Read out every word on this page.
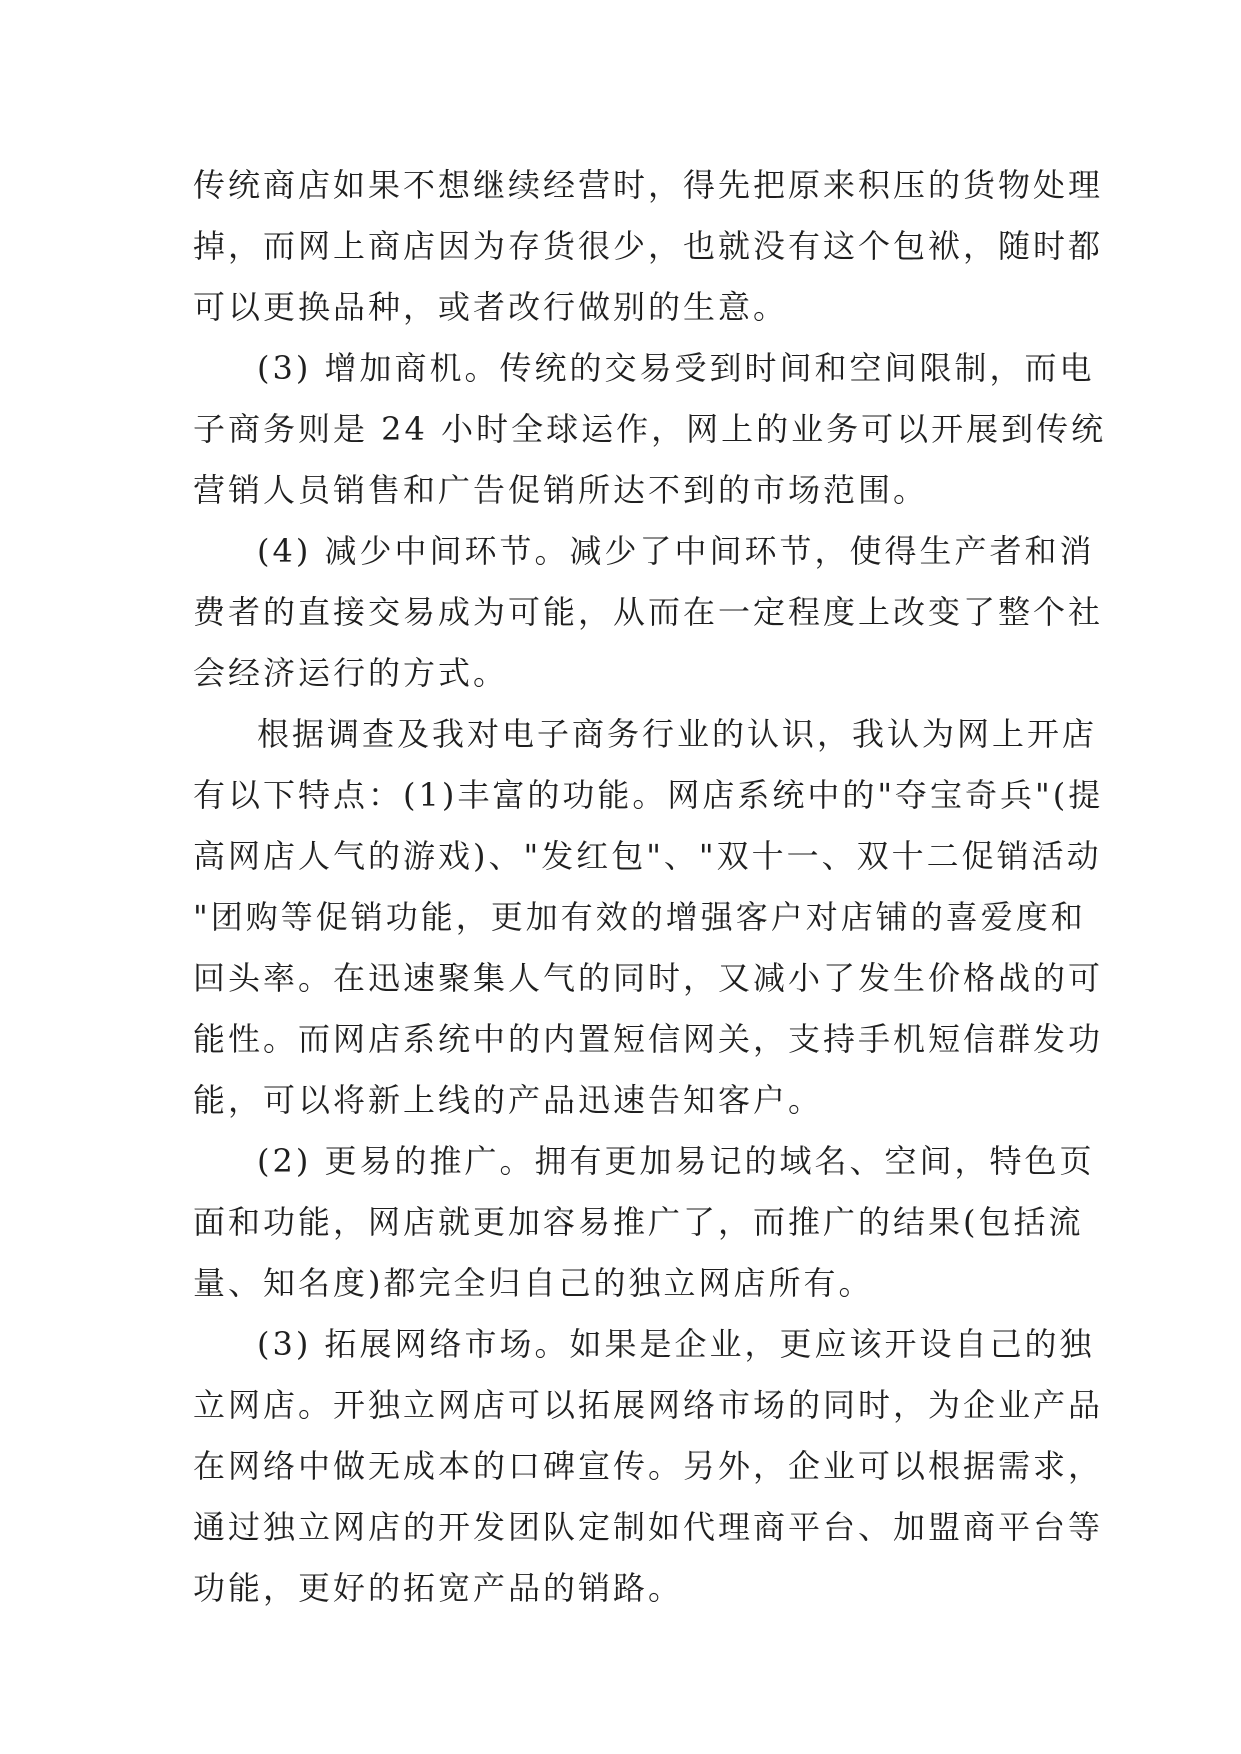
传统商店如果不想继续经营时，得先把原来积压的货物处理
掉，而网上商店因为存货很少，也就没有这个包袱，随时都
可以更换品种，或者改行做别的生意。
(3) 增加商机。传统的交易受到时间和空间限制，而电
子商务则是 24 小时全球运作，网上的业务可以开展到传统
营销人员销售和广告促销所达不到的市场范围。
(4) 减少中间环节。减少了中间环节，使得生产者和消
费者的直接交易成为可能，从而在一定程度上改变了整个社
会经济运行的方式。
根据调查及我对电子商务行业的认识，我认为网上开店
有以下特点：(1)丰富的功能。网店系统中的"夺宝奇兵"(提
高网店人气的游戏)、"发红包"、"双十一、双十二促销活动
"团购等促销功能，更加有效的增强客户对店铺的喜爱度和
回头率。在迅速聚集人气的同时，又减小了发生价格战的可
能性。而网店系统中的内置短信网关，支持手机短信群发功
能，可以将新上线的产品迅速告知客户。
(2) 更易的推广。拥有更加易记的域名、空间，特色页
面和功能，网店就更加容易推广了，而推广的结果(包括流
量、知名度)都完全归自己的独立网店所有。
(3) 拓展网络市场。如果是企业，更应该开设自己的独
立网店。开独立网店可以拓展网络市场的同时，为企业产品
在网络中做无成本的口碑宣传。另外，企业可以根据需求，
通过独立网店的开发团队定制如代理商平台、加盟商平台等
功能，更好的拓宽产品的销路。
